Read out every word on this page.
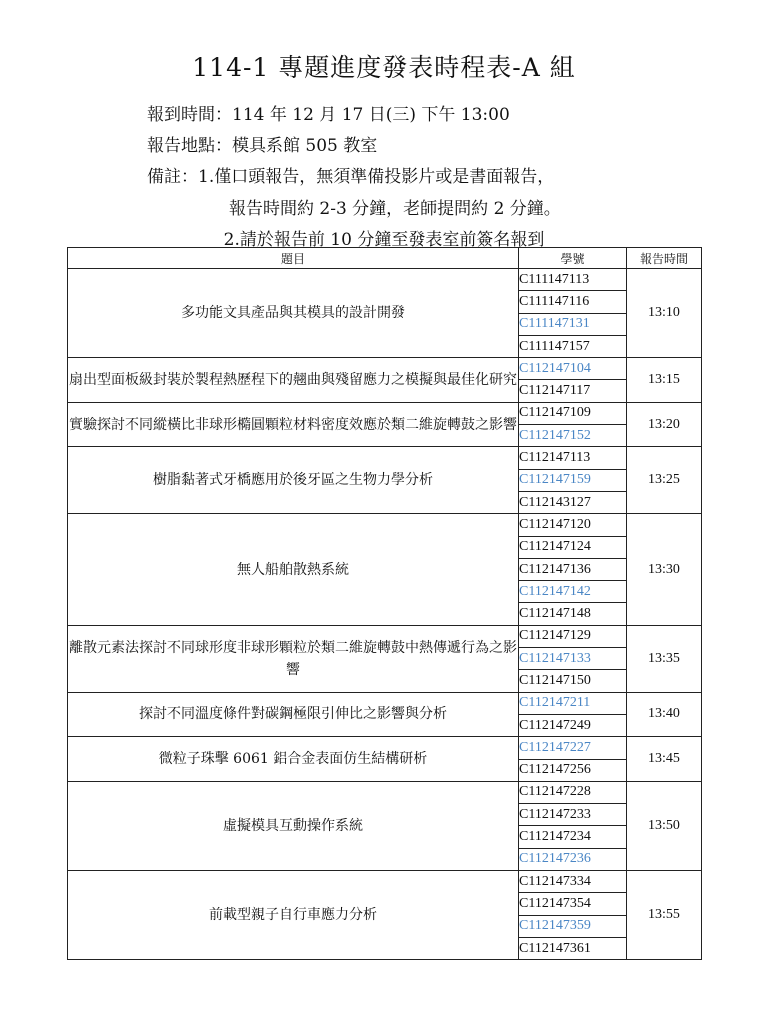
114-1 專題進度發表時程表-A 組
報到時間：114 年 12 月 17 日(三) 下午 13:00
報告地點：模具系館 505 教室
備註：1.僅口頭報告，無須準備投影片或是書面報告，
報告時間約 2-3 分鐘，老師提問約 2 分鐘。
2.請於報告前 10 分鐘至發表室前簽名報到
題目	學號	報告時間
多功能文具產品與其模具的設計開發	C111147113	13:10
	C111147116	
	C111147131	
	C111147157	
扇出型面板級封裝於製程熱歷程下的翹曲與殘留應力之模擬與最佳化研究	C112147104	13:15
	C112147117	
實驗探討不同縱橫比非球形橢圓顆粒材料密度效應於類二維旋轉鼓之影響	C112147109	13:20
	C112147152	
樹脂黏著式牙橋應用於後牙區之生物力學分析	C112147113	13:25
	C112147159	
	C112143127	
無人船舶散熱系統	C112147120	13:30
	C112147124	
	C112147136	
	C112147142	
	C112147148	
離散元素法探討不同球形度非球形顆粒於類二維旋轉鼓中熱傳遞行為之影響	C112147129	13:35
	C112147133	
	C112147150	
探討不同溫度條件對碳鋼極限引伸比之影響與分析	C112147211	13:40
	C112147249	
微粒子珠擊 6061 鋁合金表面仿生結構研析	C112147227	13:45
	C112147256	
虛擬模具互動操作系統	C112147228	13:50
	C112147233	
	C112147234	
	C112147236	
前載型親子自行車應力分析	C112147334	13:55
	C112147354	
	C112147359	
	C112147361	
